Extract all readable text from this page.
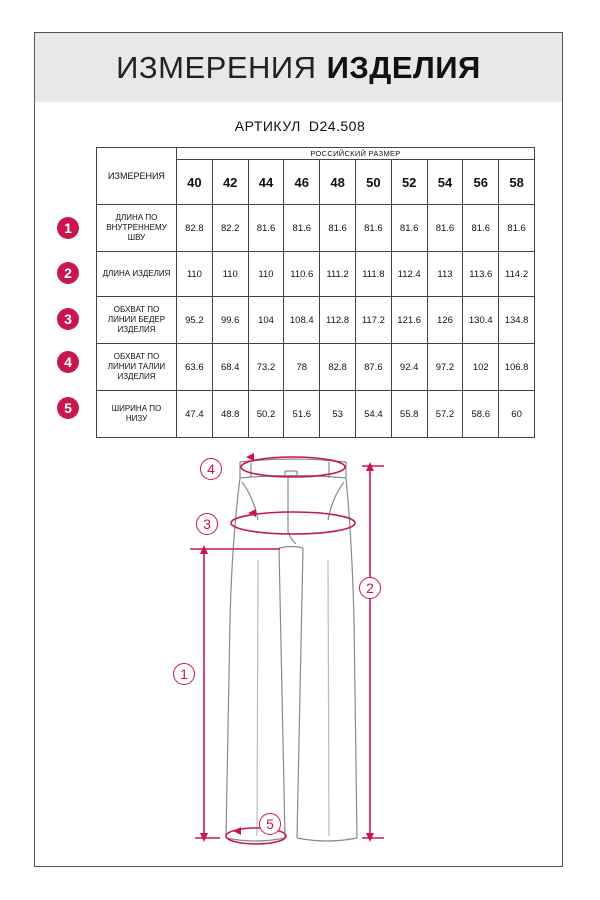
ИЗМЕРЕНИЯ ИЗДЕЛИЯ
АРТИКУЛ D24.508
1
2
3
4
5
ИЗМЕРЕНИЯ	РОССИЙСКИЙ РАЗМЕР									
	40	42	44	46	48	50	52	54	56	58
ДЛИНА ПО ВНУТРЕННЕМУ ШВУ	82.8	82.2	81.6	81.6	81.6	81.6	81.6	81.6	81.6	81.6
ДЛИНА ИЗДЕЛИЯ	110	110	110	110.6	111.2	111.8	112.4	113	113.6	114.2
ОБХВАТ ПО ЛИНИИ БЕДЕР ИЗДЕЛИЯ	95.2	99.6	104	108.4	112.8	117.2	121.6	126	130.4	134.8
ОБХВАТ ПО ЛИНИИ ТАЛИИ ИЗДЕЛИЯ	63.6	68.4	73.2	78	82.8	87.6	92.4	97.2	102	106.8
ШИРИНА ПО НИЗУ	47.4	48.8	50.2	51.6	53	54.4	55.8	57.2	58.6	60
1
2
3
4
5
